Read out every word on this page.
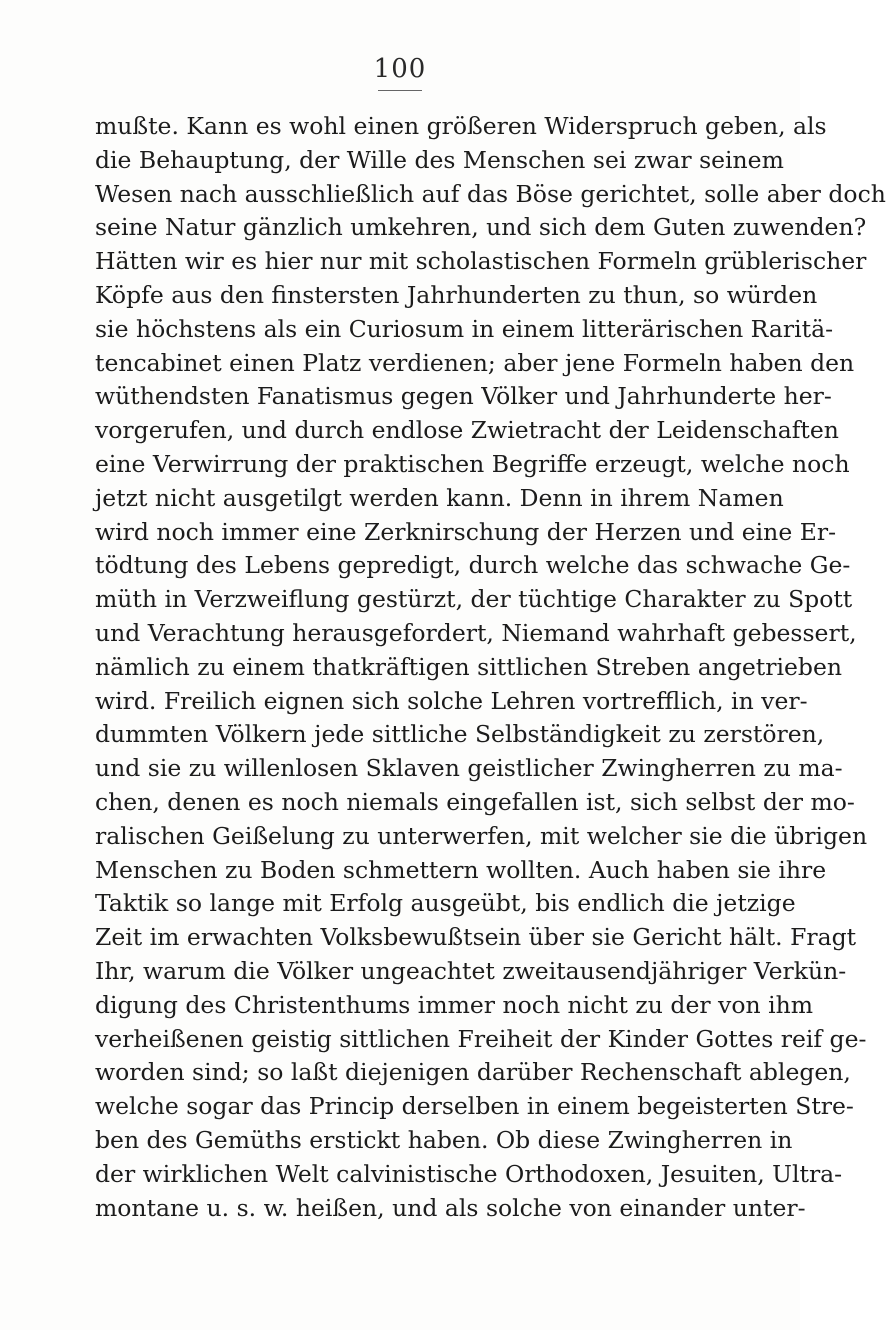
100
mußte. Kann es wohl einen größeren Widerspruch geben, als
die Behauptung, der Wille des Menschen sei zwar seinem
Wesen nach ausschließlich auf das Böse gerichtet, solle aber doch
seine Natur gänzlich umkehren, und sich dem Guten zuwenden?
Hätten wir es hier nur mit scholastischen Formeln grüblerischer
Köpfe aus den finstersten Jahrhunderten zu thun, so würden
sie höchstens als ein Curiosum in einem litterärischen Raritä-
tencabinet einen Platz verdienen; aber jene Formeln haben den
wüthendsten Fanatismus gegen Völker und Jahrhunderte her-
vorgerufen, und durch endlose Zwietracht der Leidenschaften
eine Verwirrung der praktischen Begriffe erzeugt, welche noch
jetzt nicht ausgetilgt werden kann. Denn in ihrem Namen
wird noch immer eine Zerknirschung der Herzen und eine Er-
tödtung des Lebens gepredigt, durch welche das schwache Ge-
müth in Verzweiflung gestürzt, der tüchtige Charakter zu Spott
und Verachtung herausgefordert, Niemand wahrhaft gebessert,
nämlich zu einem thatkräftigen sittlichen Streben angetrieben
wird. Freilich eignen sich solche Lehren vortrefflich, in ver-
dummten Völkern jede sittliche Selbständigkeit zu zerstören,
und sie zu willenlosen Sklaven geistlicher Zwingherren zu ma-
chen, denen es noch niemals eingefallen ist, sich selbst der mo-
ralischen Geißelung zu unterwerfen, mit welcher sie die übrigen
Menschen zu Boden schmettern wollten. Auch haben sie ihre
Taktik so lange mit Erfolg ausgeübt, bis endlich die jetzige
Zeit im erwachten Volksbewußtsein über sie Gericht hält. Fragt
Ihr, warum die Völker ungeachtet zweitausendjähriger Verkün-
digung des Christenthums immer noch nicht zu der von ihm
verheißenen geistig sittlichen Freiheit der Kinder Gottes reif ge-
worden sind; so laßt diejenigen darüber Rechenschaft ablegen,
welche sogar das Princip derselben in einem begeisterten Stre-
ben des Gemüths erstickt haben. Ob diese Zwingherren in
der wirklichen Welt calvinistische Orthodoxen, Jesuiten, Ultra-
montane u. s. w. heißen, und als solche von einander unter-
